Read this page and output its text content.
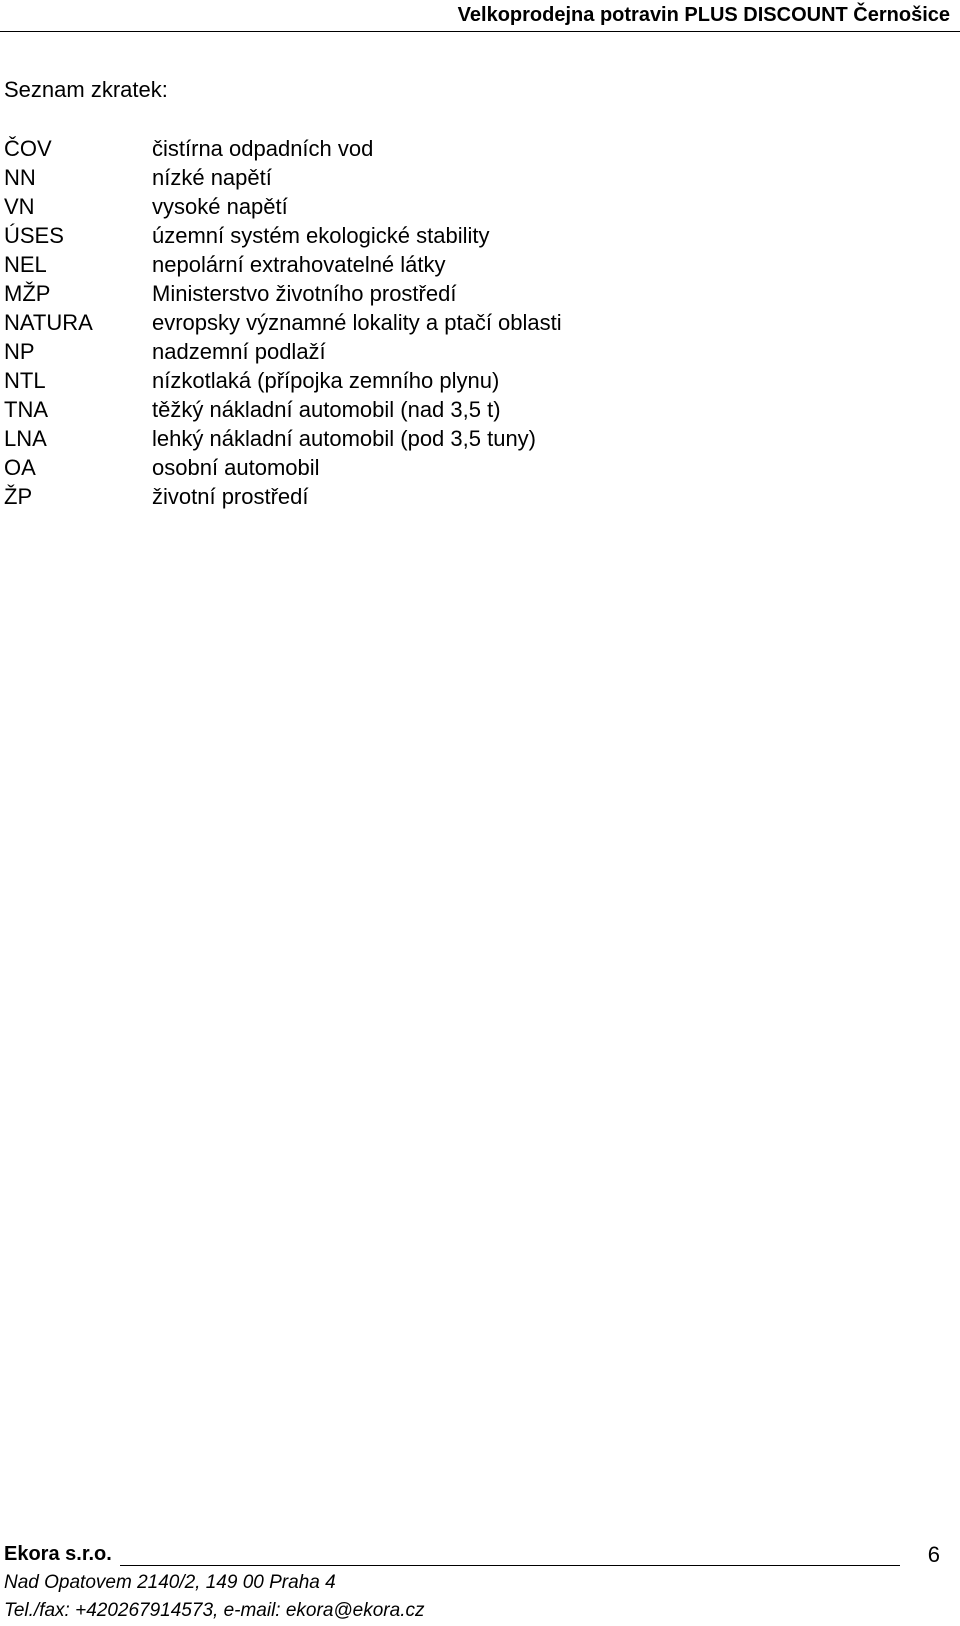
Velkoprodejna potravin PLUS DISCOUNT Černošice
Seznam zkratek:
ČOV	čistírna odpadních vod
NN	nízké napětí
VN	vysoké napětí
ÚSES	územní systém ekologické stability
NEL	nepolární extrahovatelné látky
MŽP	Ministerstvo životního prostředí
NATURA	evropsky významné lokality a ptačí oblasti
NP	nadzemní podlaží
NTL	nízkotlaká (přípojka zemního plynu)
TNA	těžký nákladní automobil (nad 3,5 t)
LNA	lehký nákladní automobil (pod 3,5 tuny)
OA	osobní automobil
ŽP	životní prostředí
Ekora s.r.o.	6
Nad Opatovem 2140/2, 149 00 Praha 4
Tel./fax: +420267914573, e-mail: ekora@ekora.cz
